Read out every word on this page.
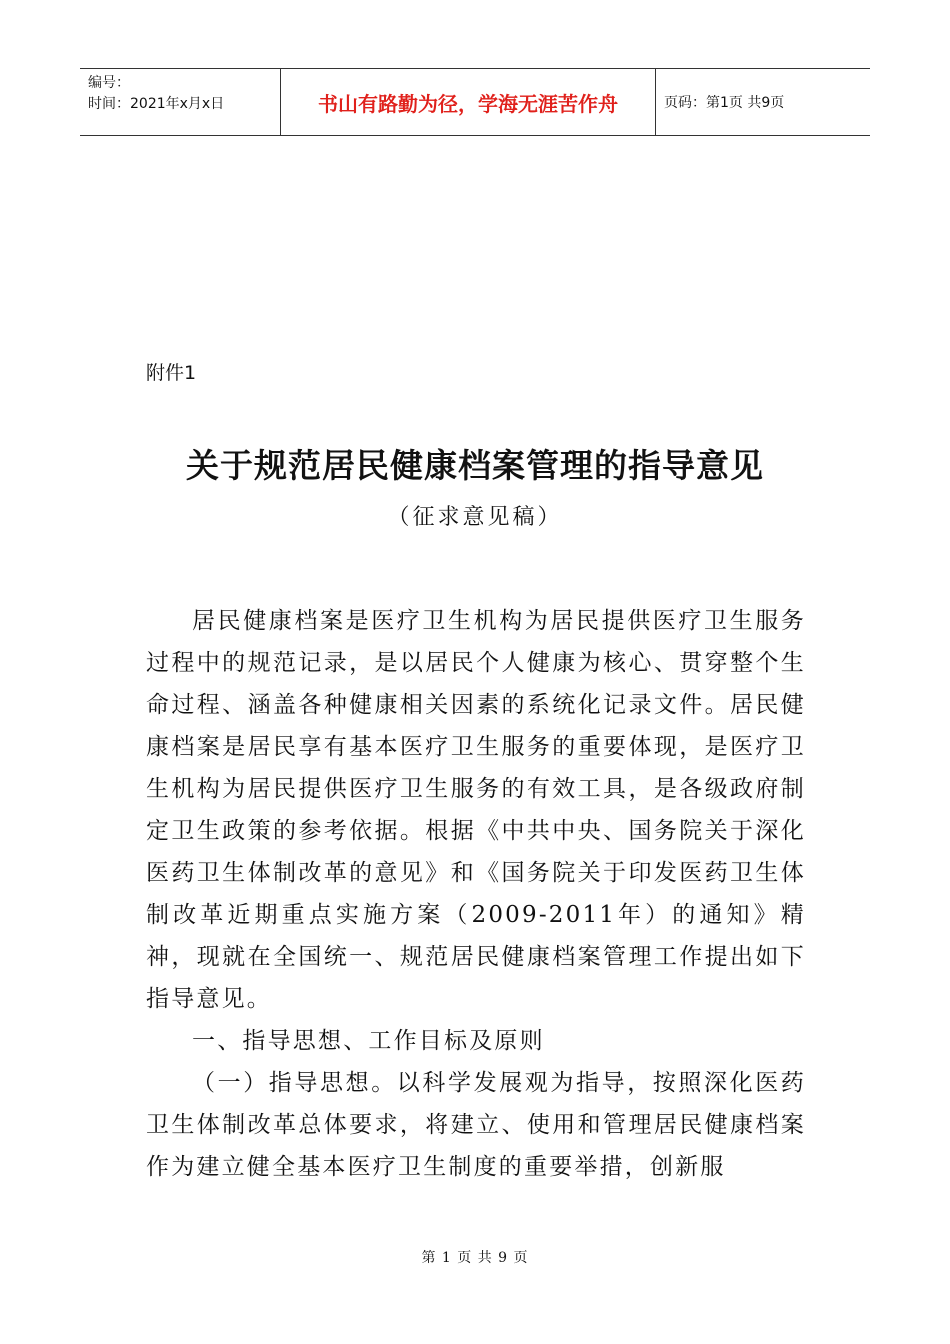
编号：
时间：2021年x月x日	书山有路勤为径，学海无涯苦作舟	页码：第1页 共9页
附件1
关于规范居民健康档案管理的指导意见
（征求意见稿）

居民健康档案是医疗卫生机构为居民提供医疗卫生服务过程中的规范记录，是以居民个人健康为核心、贯穿整个生命过程、涵盖各种健康相关因素的系统化记录文件。居民健康档案是居民享有基本医疗卫生服务的重要体现，是医疗卫生机构为居民提供医疗卫生服务的有效工具，是各级政府制定卫生政策的参考依据。根据《中共中央、国务院关于深化医药卫生体制改革的意见》和《国务院关于印发医药卫生体制改革近期重点实施方案（2009-2011年）的通知》精神，现就在全国统一、规范居民健康档案管理工作提出如下指导意见。

一、指导思想、工作目标及原则

（一）指导思想。以科学发展观为指导，按照深化医药卫生体制改革总体要求，将建立、使用和管理居民健康档案作为建立健全基本医疗卫生制度的重要举措，创新服

第 1 页 共 9 页
